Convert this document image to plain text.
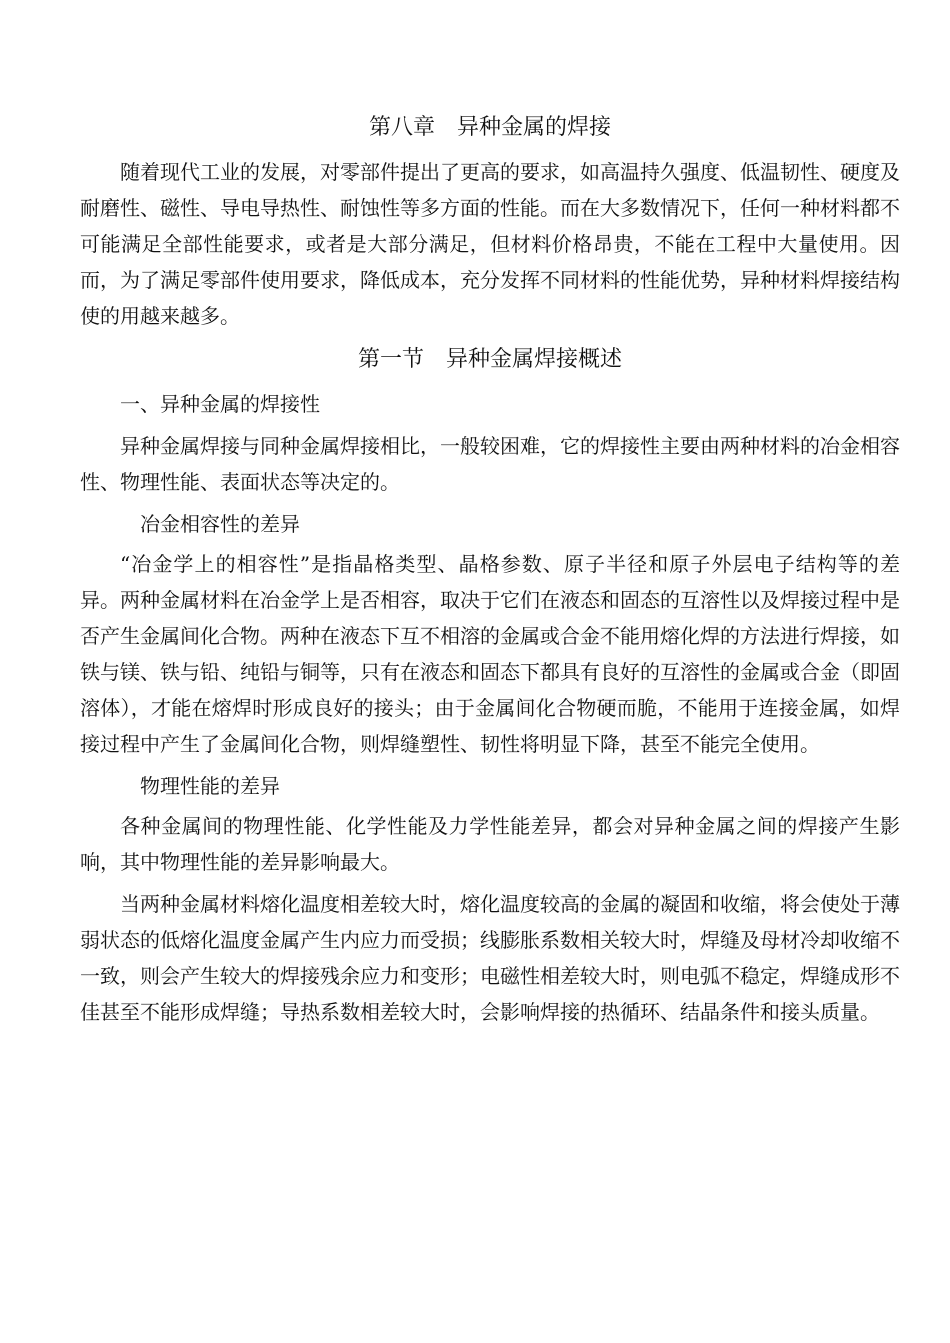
第八章　异种金属的焊接

随着现代工业的发展，对零部件提出了更高的要求，如高温持久强度、低温韧性、硬度及耐磨性、磁性、导电导热性、耐蚀性等多方面的性能。而在大多数情况下，任何一种材料都不可能满足全部性能要求，或者是大部分满足，但材料价格昂贵，不能在工程中大量使用。因而，为了满足零部件使用要求，降低成本，充分发挥不同材料的性能优势，异种材料焊接结构使的用越来越多。

第一节　异种金属焊接概述

一、异种金属的焊接性

异种金属焊接与同种金属焊接相比，一般较困难，它的焊接性主要由两种材料的冶金相容性、物理性能、表面状态等决定的。

冶金相容性的差异

“冶金学上的相容性”是指晶格类型、晶格参数、原子半径和原子外层电子结构等的差异。两种金属材料在冶金学上是否相容，取决于它们在液态和固态的互溶性以及焊接过程中是否产生金属间化合物。两种在液态下互不相溶的金属或合金不能用熔化焊的方法进行焊接，如铁与镁、铁与铅、纯铅与铜等，只有在液态和固态下都具有良好的互溶性的金属或合金（即固溶体），才能在熔焊时形成良好的接头；由于金属间化合物硬而脆，不能用于连接金属，如焊接过程中产生了金属间化合物，则焊缝塑性、韧性将明显下降，甚至不能完全使用。

物理性能的差异

各种金属间的物理性能、化学性能及力学性能差异，都会对异种金属之间的焊接产生影响，其中物理性能的差异影响最大。

当两种金属材料熔化温度相差较大时，熔化温度较高的金属的凝固和收缩，将会使处于薄弱状态的低熔化温度金属产生内应力而受损；线膨胀系数相关较大时，焊缝及母材冷却收缩不一致，则会产生较大的焊接残余应力和变形；电磁性相差较大时，则电弧不稳定，焊缝成形不佳甚至不能形成焊缝；导热系数相差较大时，会影响焊接的热循环、结晶条件和接头质量。
